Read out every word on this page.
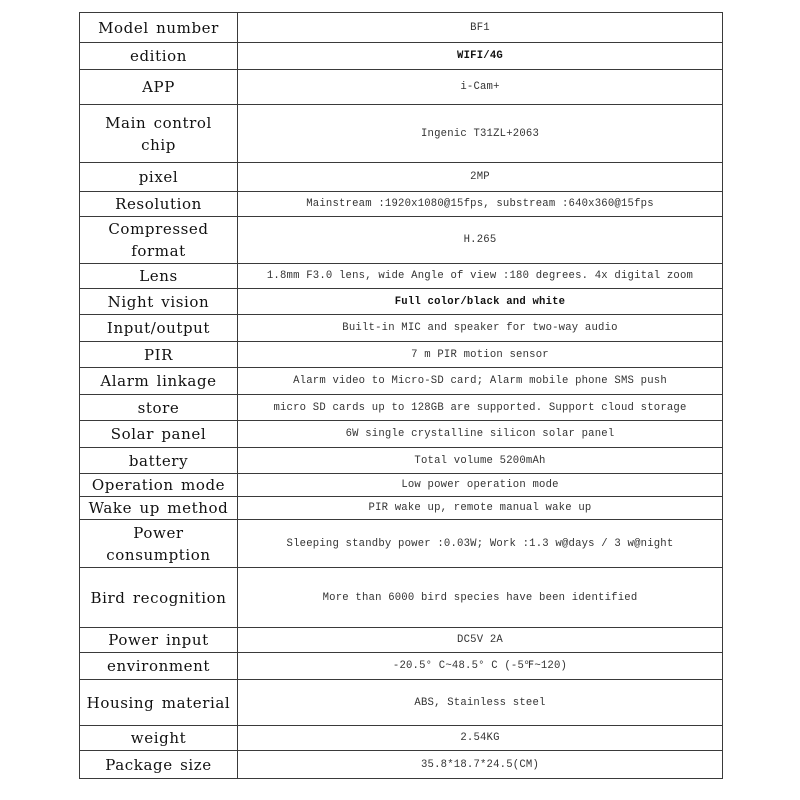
Model number	BF1
edition	WIFI/4G
APP	i-Cam+
Main control chip	Ingenic T31ZL+2063
pixel	2MP
Resolution	Mainstream :1920x1080@15fps, substream :640x360@15fps
Compressed format	H.265
Lens	1.8mm F3.0 lens, wide Angle of view :180 degrees. 4x digital zoom
Night vision	Full color/black and white
Input/output	Built-in MIC and speaker for two-way audio
PIR	7 m PIR motion sensor
Alarm linkage	Alarm video to Micro-SD card; Alarm mobile phone SMS push
store	micro SD cards up to 128GB are supported. Support cloud storage
Solar panel	6W single crystalline silicon solar panel
battery	Total volume 5200mAh
Operation mode	Low power operation mode
Wake up method	PIR wake up, remote manual wake up
Power consumption	Sleeping standby power :0.03W; Work :1.3 w@days / 3 w@night
Bird recognition	More than 6000 bird species have been identified
Power input	DC5V 2A
environment	-20.5° C~48.5° C (-5℉~120)
Housing material	ABS, Stainless steel
weight	2.54KG
Package size	35.8*18.7*24.5(CM)
